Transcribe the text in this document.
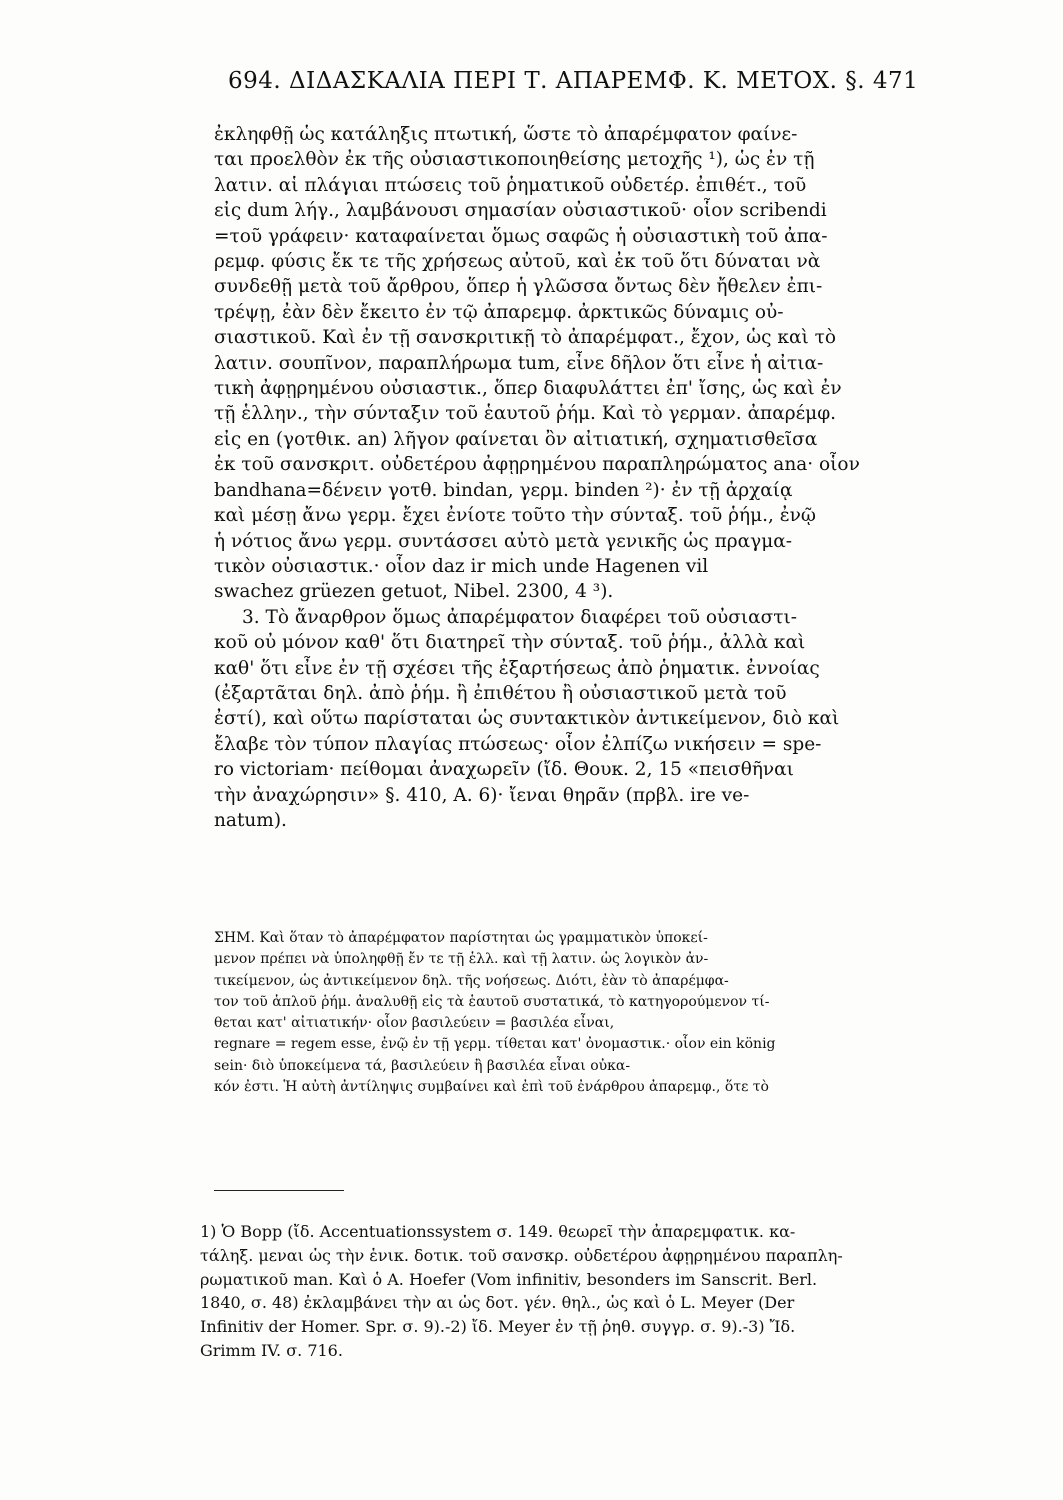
694. ΔΙΔΑΣΚΑΛΙΑ ΠΕΡΙ Τ. ΑΠΑΡΕΜΦ. Κ. ΜΕΤΟΧ. §. 471
ἐκληφθῇ ὡς κατάληξις πτωτική, ὥστε τὸ ἀπαρέμφατον φαίνε-
ται προελθὸν ἐκ τῆς οὐσιαστικοποιηθείσης μετοχῆς ¹), ὡς ἐν τῇ
λατιν. αἱ πλάγιαι πτώσεις τοῦ ῥηματικοῦ οὐδετέρ. ἐπιθέτ., τοῦ
εἰς dum λήγ., λαμβάνουσι σημασίαν οὐσιαστικοῦ· οἷον scribendi
=τοῦ γράφειν· καταφαίνεται ὅμως σαφῶς ἡ οὐσιαστικὴ τοῦ ἀπα-
ρεμφ. φύσις ἔκ τε τῆς χρήσεως αὐτοῦ, καὶ ἐκ τοῦ ὅτι δύναται νὰ
συνδεθῇ μετὰ τοῦ ἄρθρου, ὅπερ ἡ γλῶσσα ὄντως δὲν ἤθελεν ἐπι-
τρέψῃ, ἐὰν δὲν ἔκειτο ἐν τῷ ἀπαρεμφ. ἀρκτικῶς δύναμις οὐ-
σιαστικοῦ. Καὶ ἐν τῇ σανσκριτικῇ τὸ ἀπαρέμφατ., ἔχον, ὡς καὶ τὸ
λατιν. σουπῖνον, παραπλήρωμα tum, εἶνε δῆλον ὅτι εἶνε ἡ αἰτια-
τικὴ ἀφῃρημένου οὐσιαστικ., ὅπερ διαφυλάττει ἐπ' ἴσης, ὡς καὶ ἐν
τῇ ἑλλην., τὴν σύνταξιν τοῦ ἑαυτοῦ ῥήμ. Καὶ τὸ γερμαν. ἀπαρέμφ.
εἰς en (γοτθικ. an) λῆγον φαίνεται ὂν αἰτιατική, σχηματισθεῖσα
ἐκ τοῦ σανσκριτ. οὐδετέρου ἀφῃρημένου παραπληρώματος ana· οἷον
bandhana=δένειν γοτθ. bindan, γερμ. binden ²)· ἐν τῇ ἀρχαίᾳ
καὶ μέσῃ ἄνω γερμ. ἔχει ἐνίοτε τοῦτο τὴν σύνταξ. τοῦ ῥήμ., ἐνῷ
ἡ νότιος ἄνω γερμ. συντάσσει αὐτὸ μετὰ γενικῆς ὡς πραγμα-
τικὸν οὐσιαστικ.· οἷον daz ir mich unde Hagenen vil
swachez grüezen getuot, Nibel. 2300, 4 ³).
3. Τὸ ἄναρθρον ὅμως ἀπαρέμφατον διαφέρει τοῦ οὐσιαστι-
κοῦ οὐ μόνον καθ' ὅτι διατηρεῖ τὴν σύνταξ. τοῦ ῥήμ., ἀλλὰ καὶ
καθ' ὅτι εἶνε ἐν τῇ σχέσει τῆς ἐξαρτήσεως ἀπὸ ῥηματικ. ἐννοίας
(ἐξαρτᾶται δηλ. ἀπὸ ῥήμ. ἢ ἐπιθέτου ἢ οὐσιαστικοῦ μετὰ τοῦ
ἐστί), καὶ οὕτω παρίσταται ὡς συντακτικὸν ἀντικείμενον, διὸ καὶ
ἔλαβε τὸν τύπον πλαγίας πτώσεως· οἷον ἐλπίζω νικήσειν = spe-
ro victoriam· πείθομαι ἀναχωρεῖν (ἴδ. Θουκ. 2, 15 «πεισθῆναι
τὴν ἀναχώρησιν» §. 410, Α. 6)· ἴεναι θηρᾶν (πρβλ. ire ve-
natum).
ΣΗΜ. Καὶ ὅταν τὸ ἀπαρέμφατον παρίστηται ὡς γραμματικὸν ὑποκεί-
μενον πρέπει νὰ ὑποληφθῇ ἔν τε τῇ ἑλλ. καὶ τῇ λατιν. ὡς λογικὸν ἀν-
τικείμενον, ὡς ἀντικείμενον δηλ. τῆς νοήσεως. Διότι, ἐὰν τὸ ἀπαρέμφα-
τον τοῦ ἁπλοῦ ῥήμ. ἀναλυθῇ εἰς τὰ ἑαυτοῦ συστατικά, τὸ κατηγορούμενον τί-
θεται κατ' αἰτιατικήν· οἷον βασιλεύειν = βασιλέα εἶναι,
regnare = regem esse, ἐνῷ ἐν τῇ γερμ. τίθεται κατ' ὀνομαστικ.· οἷον ein könig
sein· διὸ ὑποκείμενα τά, βασιλεύειν ἢ βασιλέα εἶναι οὐκα-
κόν ἐστι. Ἡ αὐτὴ ἀντίληψις συμβαίνει καὶ ἐπὶ τοῦ ἐνάρθρου ἀπαρεμφ., ὅτε τὸ
1) Ὁ Bopp (ἴδ. Accentuationssystem σ. 149. θεωρεῖ τὴν ἀπαρεμφατικ. κα-
τάληξ. μεναι ὡς τὴν ἑνικ. δοτικ. τοῦ σανσκρ. οὐδετέρου ἀφῃρημένου παραπλη-
ρωματικοῦ man. Καὶ ὁ A. Hoefer (Vom infinitiv, besonders im Sanscrit. Berl.
1840, σ. 48) ἐκλαμβάνει τὴν αι ὡς δοτ. γέν. θηλ., ὡς καὶ ὁ L. Meyer (Der
Infinitiv der Homer. Spr. σ. 9).-2) ἴδ. Meyer ἐν τῇ ῥηθ. συγγρ. σ. 9).-3) Ἴδ.
Grimm IV. σ. 716.
